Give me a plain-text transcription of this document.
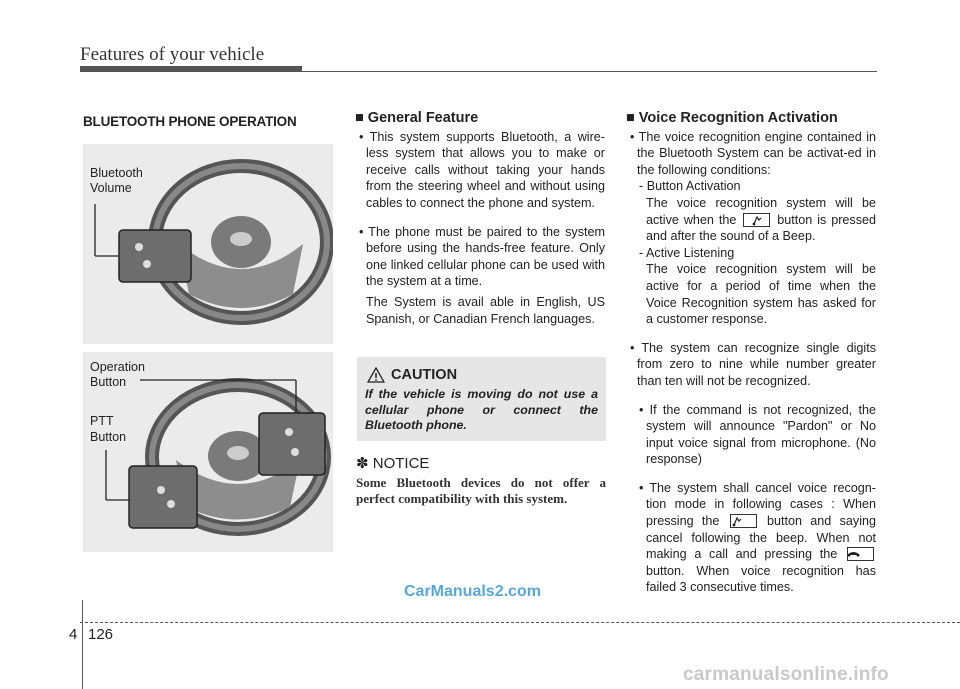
Features of your vehicle
BLUETOOTH PHONE OPERATION
Bluetooth
Volume
Operation
Button
PTT
Button
■ General Feature
• This system supports Bluetooth, a wire-less system that allows you to make or receive calls without taking your hands from the steering wheel and without using cables to connect the phone and system.
• The phone must be paired to the system before using the hands-free feature. Only one linked cellular phone can be used with the system at a time.
The System is avail able in English, US Spanish, or Canadian French languages.
CAUTION
If the vehicle is moving do not use a cellular phone or connect the Bluetooth phone.
✽ NOTICE
Some Bluetooth devices do not offer a perfect compatibility with this system.
■ Voice Recognition Activation
• The voice recognition engine contained in the Bluetooth System can be activat-ed in the following conditions:
- Button Activation
The voice recognition system will be active when the	button is pressed and after the sound of a Beep.
- Active Listening
The voice recognition system will be active for a period of time when the Voice Recognition system has asked for a customer response.
• The system can recognize single digits from zero to nine while number greater than ten will not be recognized.
• If the command is not recognized, the system will announce "Pardon" or No input voice signal from microphone. (No response)
• The system shall cancel voice recogn-tion mode in following cases : When pressing the	button and saying cancel following the beep. When not making a call and pressing the  button. When voice recognition has failed 3 consecutive times.
CarManuals2.com
4 126
carmanualsonline.info
